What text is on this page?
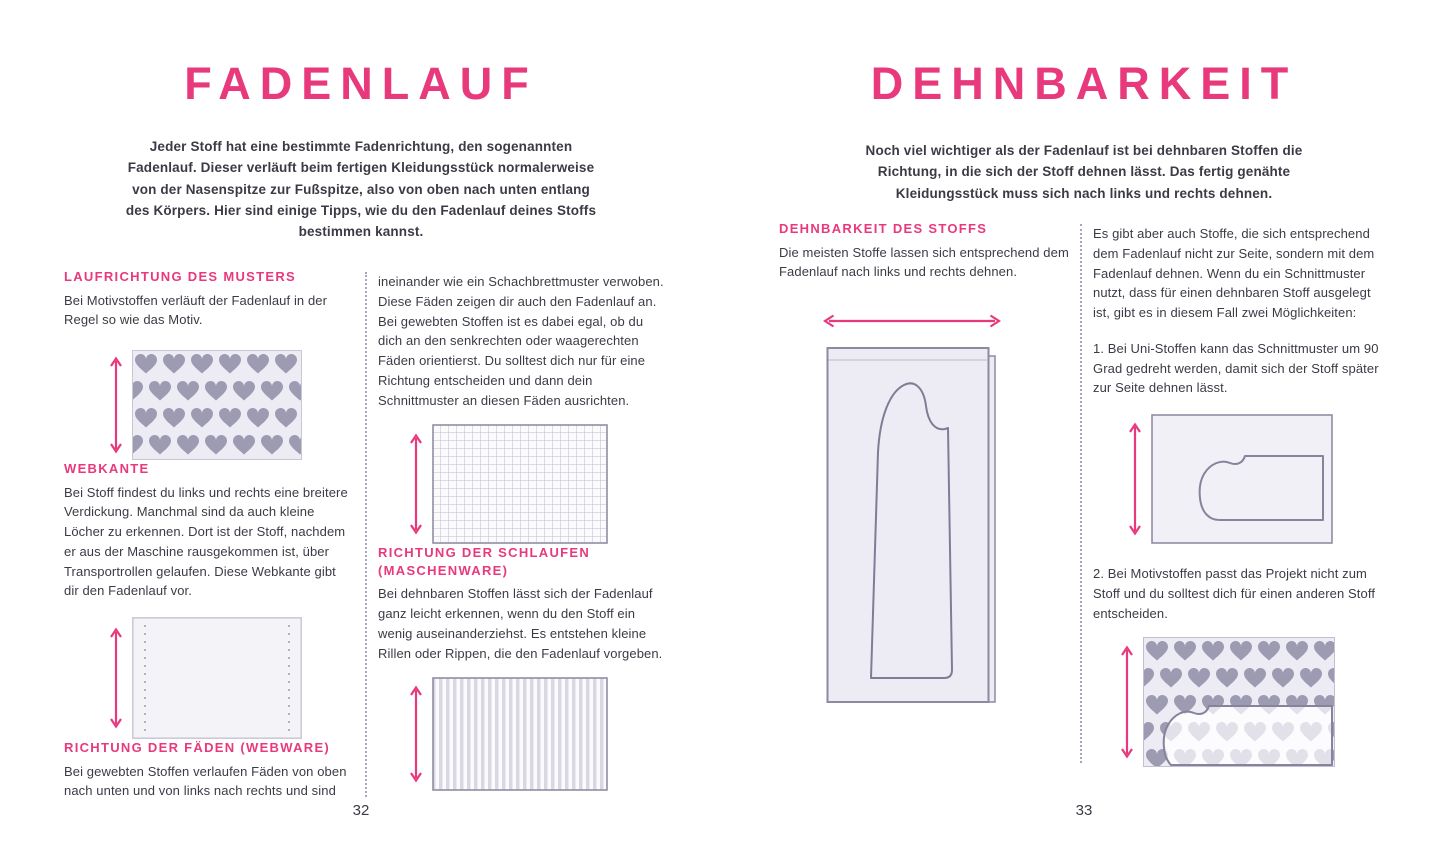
FADENLAUF

Jeder Stoff hat eine bestimmte Fadenrichtung, den sogenannten Fadenlauf. Dieser verläuft beim fertigen Kleidungsstück normalerweise von der Nasenspitze zur Fußspitze, also von oben nach unten entlang des Körpers. Hier sind einige Tipps, wie du den Fadenlauf deines Stoffs bestimmen kannst.

LAUFRICHTUNG DES MUSTERS

Bei Motivstoffen verläuft der Fadenlauf in der Regel so wie das Motiv.

WEBKANTE

Bei Stoff findest du links und rechts eine breitere Verdickung. Manchmal sind da auch kleine Löcher zu erkennen. Dort ist der Stoff, nachdem er aus der Maschine rausgekommen ist, über Transportrollen gelaufen. Diese Webkante gibt dir den Fadenlauf vor.

RICHTUNG DER FÄDEN (WEBWARE)

Bei gewebten Stoffen verlaufen Fäden von oben nach unten und von links nach rechts und sind

ineinander wie ein Schachbrettmuster verwoben. Diese Fäden zeigen dir auch den Fadenlauf an. Bei gewebten Stoffen ist es dabei egal, ob du dich an den senkrechten oder waagerechten Fäden orientierst. Du solltest dich nur für eine Richtung entscheiden und dann dein Schnittmuster an diesen Fäden ausrichten.

RICHTUNG DER SCHLAUFEN (MASCHENWARE)

Bei dehnbaren Stoffen lässt sich der Fadenlauf ganz leicht erkennen, wenn du den Stoff ein wenig auseinanderziehst. Es entstehen kleine Rillen oder Rippen, die den Fadenlauf vorgeben.

32
DEHNBARKEIT

Noch viel wichtiger als der Fadenlauf ist bei dehnbaren Stoffen die Richtung, in die sich der Stoff dehnen lässt. Das fertig genähte Kleidungsstück muss sich nach links und rechts dehnen.

DEHNBARKEIT DES STOFFS

Die meisten Stoffe lassen sich entsprechend dem Fadenlauf nach links und rechts dehnen.

Es gibt aber auch Stoffe, die sich entsprechend dem Fadenlauf nicht zur Seite, sondern mit dem Fadenlauf dehnen. Wenn du ein Schnittmuster nutzt, dass für einen dehnbaren Stoff ausgelegt ist, gibt es in diesem Fall zwei Möglichkeiten:

1. Bei Uni-Stoffen kann das Schnittmuster um 90 Grad gedreht werden, damit sich der Stoff später zur Seite dehnen lässt.

2. Bei Motivstoffen passt das Projekt nicht zum Stoff und du solltest dich für einen anderen Stoff entscheiden.

33
